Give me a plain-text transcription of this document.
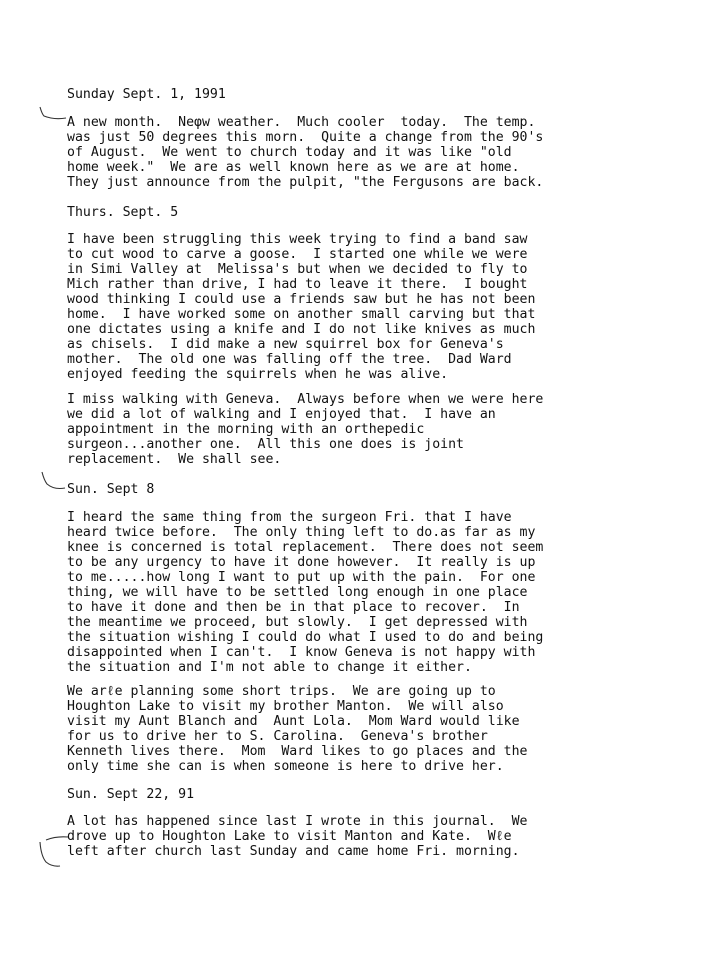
Sunday Sept. 1, 1991
A new month.  Neφw weather.  Much cooler  today.  The temp.
was just 50 degrees this morn.  Quite a change from the 90's
of August.  We went to church today and it was like "old
home week."  We are as well known here as we are at home.
They just announce from the pulpit, "the Fergusons are back.
Thurs. Sept. 5
I have been struggling this week trying to find a band saw
to cut wood to carve a goose.  I started one while we were
in Simi Valley at  Melissa's but when we decided to fly to
Mich rather than drive, I had to leave it there.  I bought
wood thinking I could use a friends saw but he has not been
home.  I have worked some on another small carving but that
one dictates using a knife and I do not like knives as much
as chisels.  I did make a new squirrel box for Geneva's
mother.  The old one was falling off the tree.  Dad Ward
enjoyed feeding the squirrels when he was alive.
I miss walking with Geneva.  Always before when we were here
we did a lot of walking and I enjoyed that.  I have an
appointment in the morning with an orthepedic
surgeon...another one.  All this one does is joint
replacement.  We shall see.
Sun. Sept 8
I heard the same thing from the surgeon Fri. that I have
heard twice before.  The only thing left to do.as far as my
knee is concerned is total replacement.  There does not seem
to be any urgency to have it done however.  It really is up
to me.....how long I want to put up with the pain.  For one
thing, we will have to be settled long enough in one place
to have it done and then be in that place to recover.  In
the meantime we proceed, but slowly.  I get depressed with
the situation wishing I could do what I used to do and being
disappointed when I can't.  I know Geneva is not happy with
the situation and I'm not able to change it either.
We arℓe planning some short trips.  We are going up to
Houghton Lake to visit my brother Manton.  We will also
visit my Aunt Blanch and  Aunt Lola.  Mom Ward would like
for us to drive her to S. Carolina.  Geneva's brother
Kenneth lives there.  Mom  Ward likes to go places and the
only time she can is when someone is here to drive her.
Sun. Sept 22, 91
A lot has happened since last I wrote in this journal.  We
drove up to Houghton Lake to visit Manton and Kate.  Wℓe
left after church last Sunday and came home Fri. morning.
